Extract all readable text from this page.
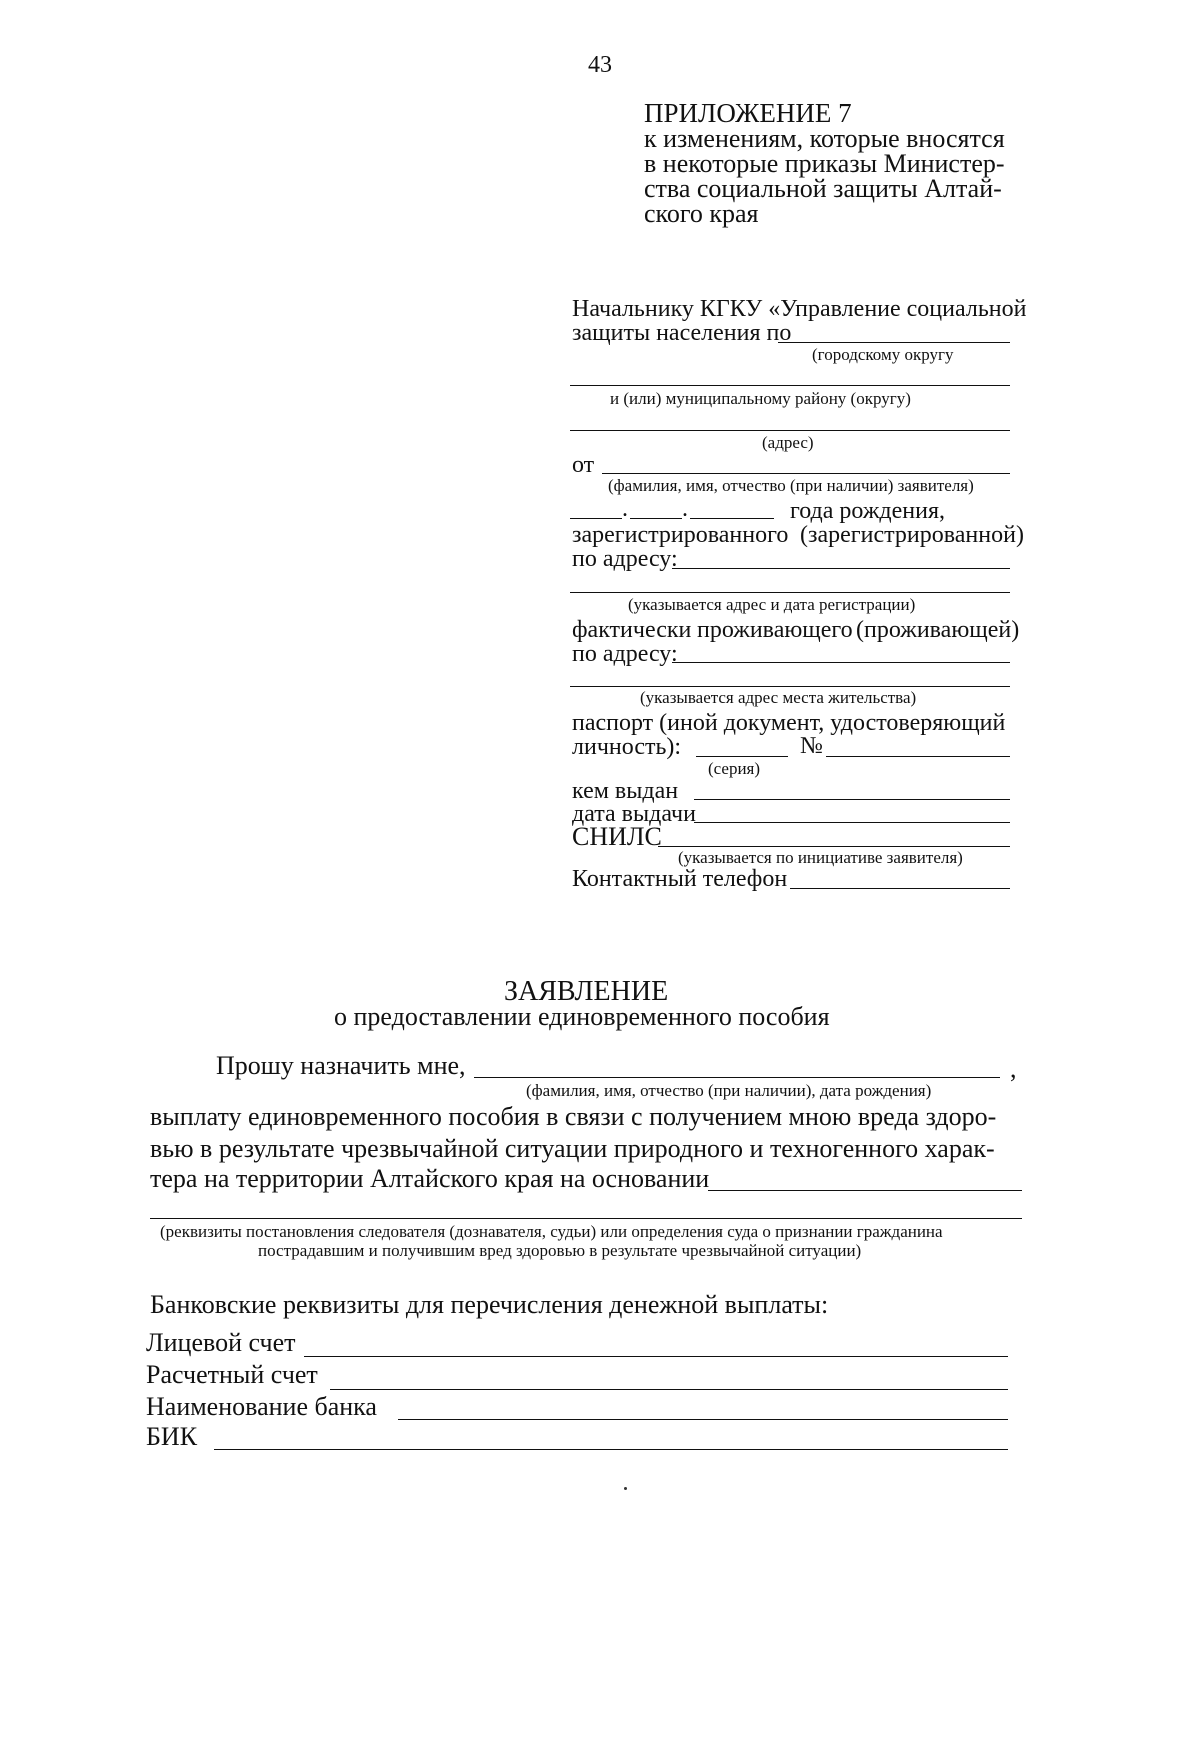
43
ПРИЛОЖЕНИЕ 7
к изменениям, которые вносятся
в некоторые приказы Министер-
ства социальной защиты Алтай-
ского края
Начальнику КГКУ «Управление социальной
защиты населения по
(городскому округу
и (или) муниципальному району (округу)
(адрес)
от
(фамилия, имя, отчество (при наличии) заявителя)
. .	года рождения,
зарегистрированного (зарегистрированной)
по адресу:
(указывается адрес и дата регистрации)
фактически проживающего (проживающей)
по адресу:
(указывается адрес места жительства)
паспорт (иной документ, удостоверяющий
личность):	№
(серия)
кем выдан
дата выдачи
СНИЛС
(указывается по инициативе заявителя)
Контактный телефон
ЗАЯВЛЕНИЕ
о предоставлении единовременного пособия
Прошу назначить мне,	,
(фамилия, имя, отчество (при наличии), дата рождения)
выплату единовременного пособия в связи с получением мною вреда здоро-
вью в результате чрезвычайной ситуации природного и техногенного харак-
тера на территории Алтайского края на основании
(реквизиты постановления следователя (дознавателя, судьи) или определения суда о признании гражданина
пострадавшим и получившим вред здоровью в результате чрезвычайной ситуации)
Банковские реквизиты для перечисления денежной выплаты:
Лицевой счет
Расчетный счет
Наименование банка
БИК
